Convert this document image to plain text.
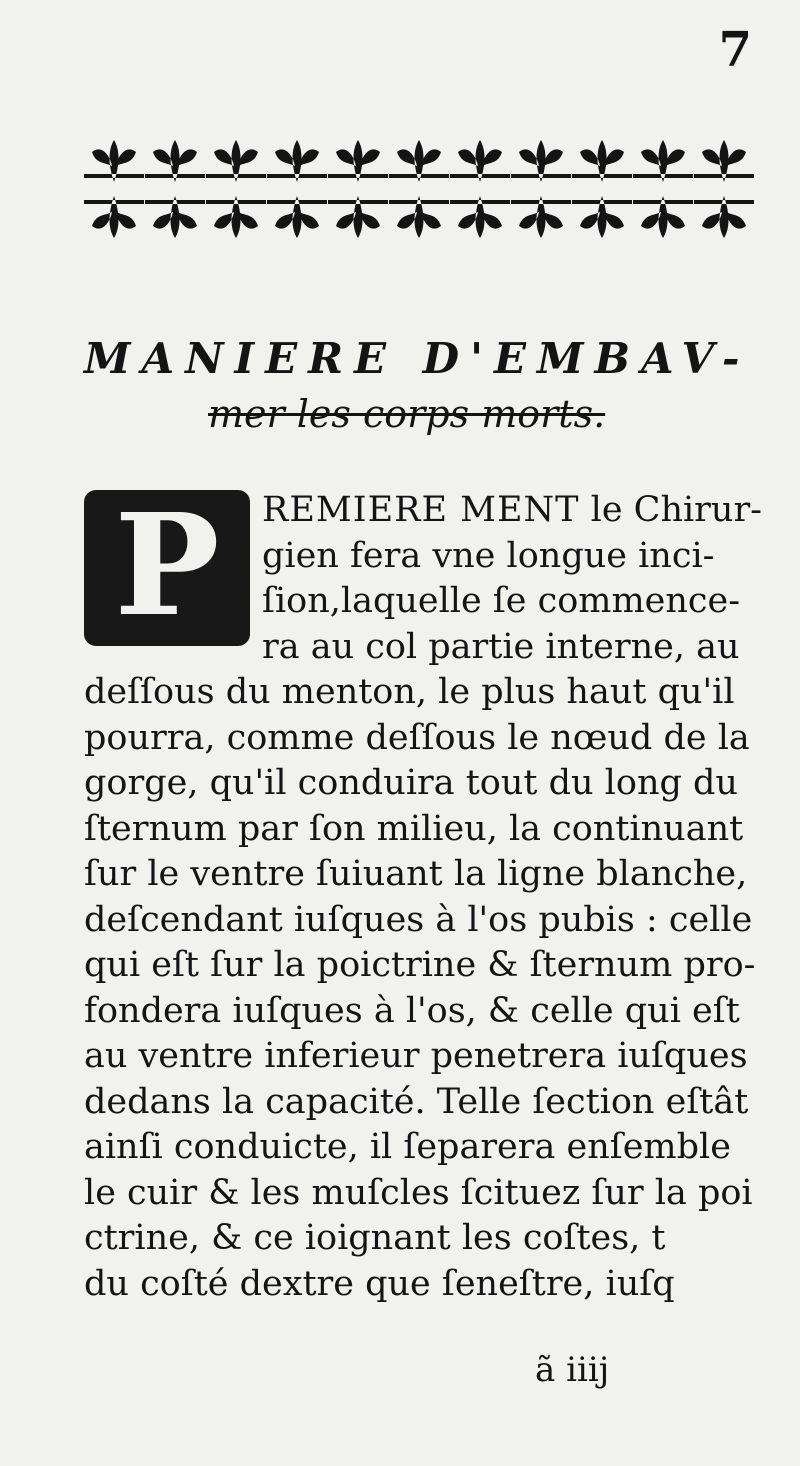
7
MANIERE D'EMBAV-
mer les corps morts.
P	REMIERE MENT le Chirur-
gien fera vne longue inci-
ſion,laquelle ſe commence-
ra au col partie interne, au
deſſous du menton, le plus haut qu'il
pourra, comme deſſous le nœud de la
gorge, qu'il conduira tout du long du
ſternum par ſon milieu, la continuant
ſur le ventre ſuiuant la ligne blanche,
deſcendant iuſques à l'os pubis : celle
qui eſt ſur la poictrine & ſternum pro-
fondera iuſques à l'os, & celle qui eſt
au ventre inferieur penetrera iuſques
dedans la capacité. Telle ſection eſtât
ainſi conduicte, il ſeparera enſemble
le cuir & les muſcles ſcituez ſur la poi
ctrine, & ce ioignant les coſtes, t
du coſté dextre que ſeneſtre, iuſq
ã iiij
